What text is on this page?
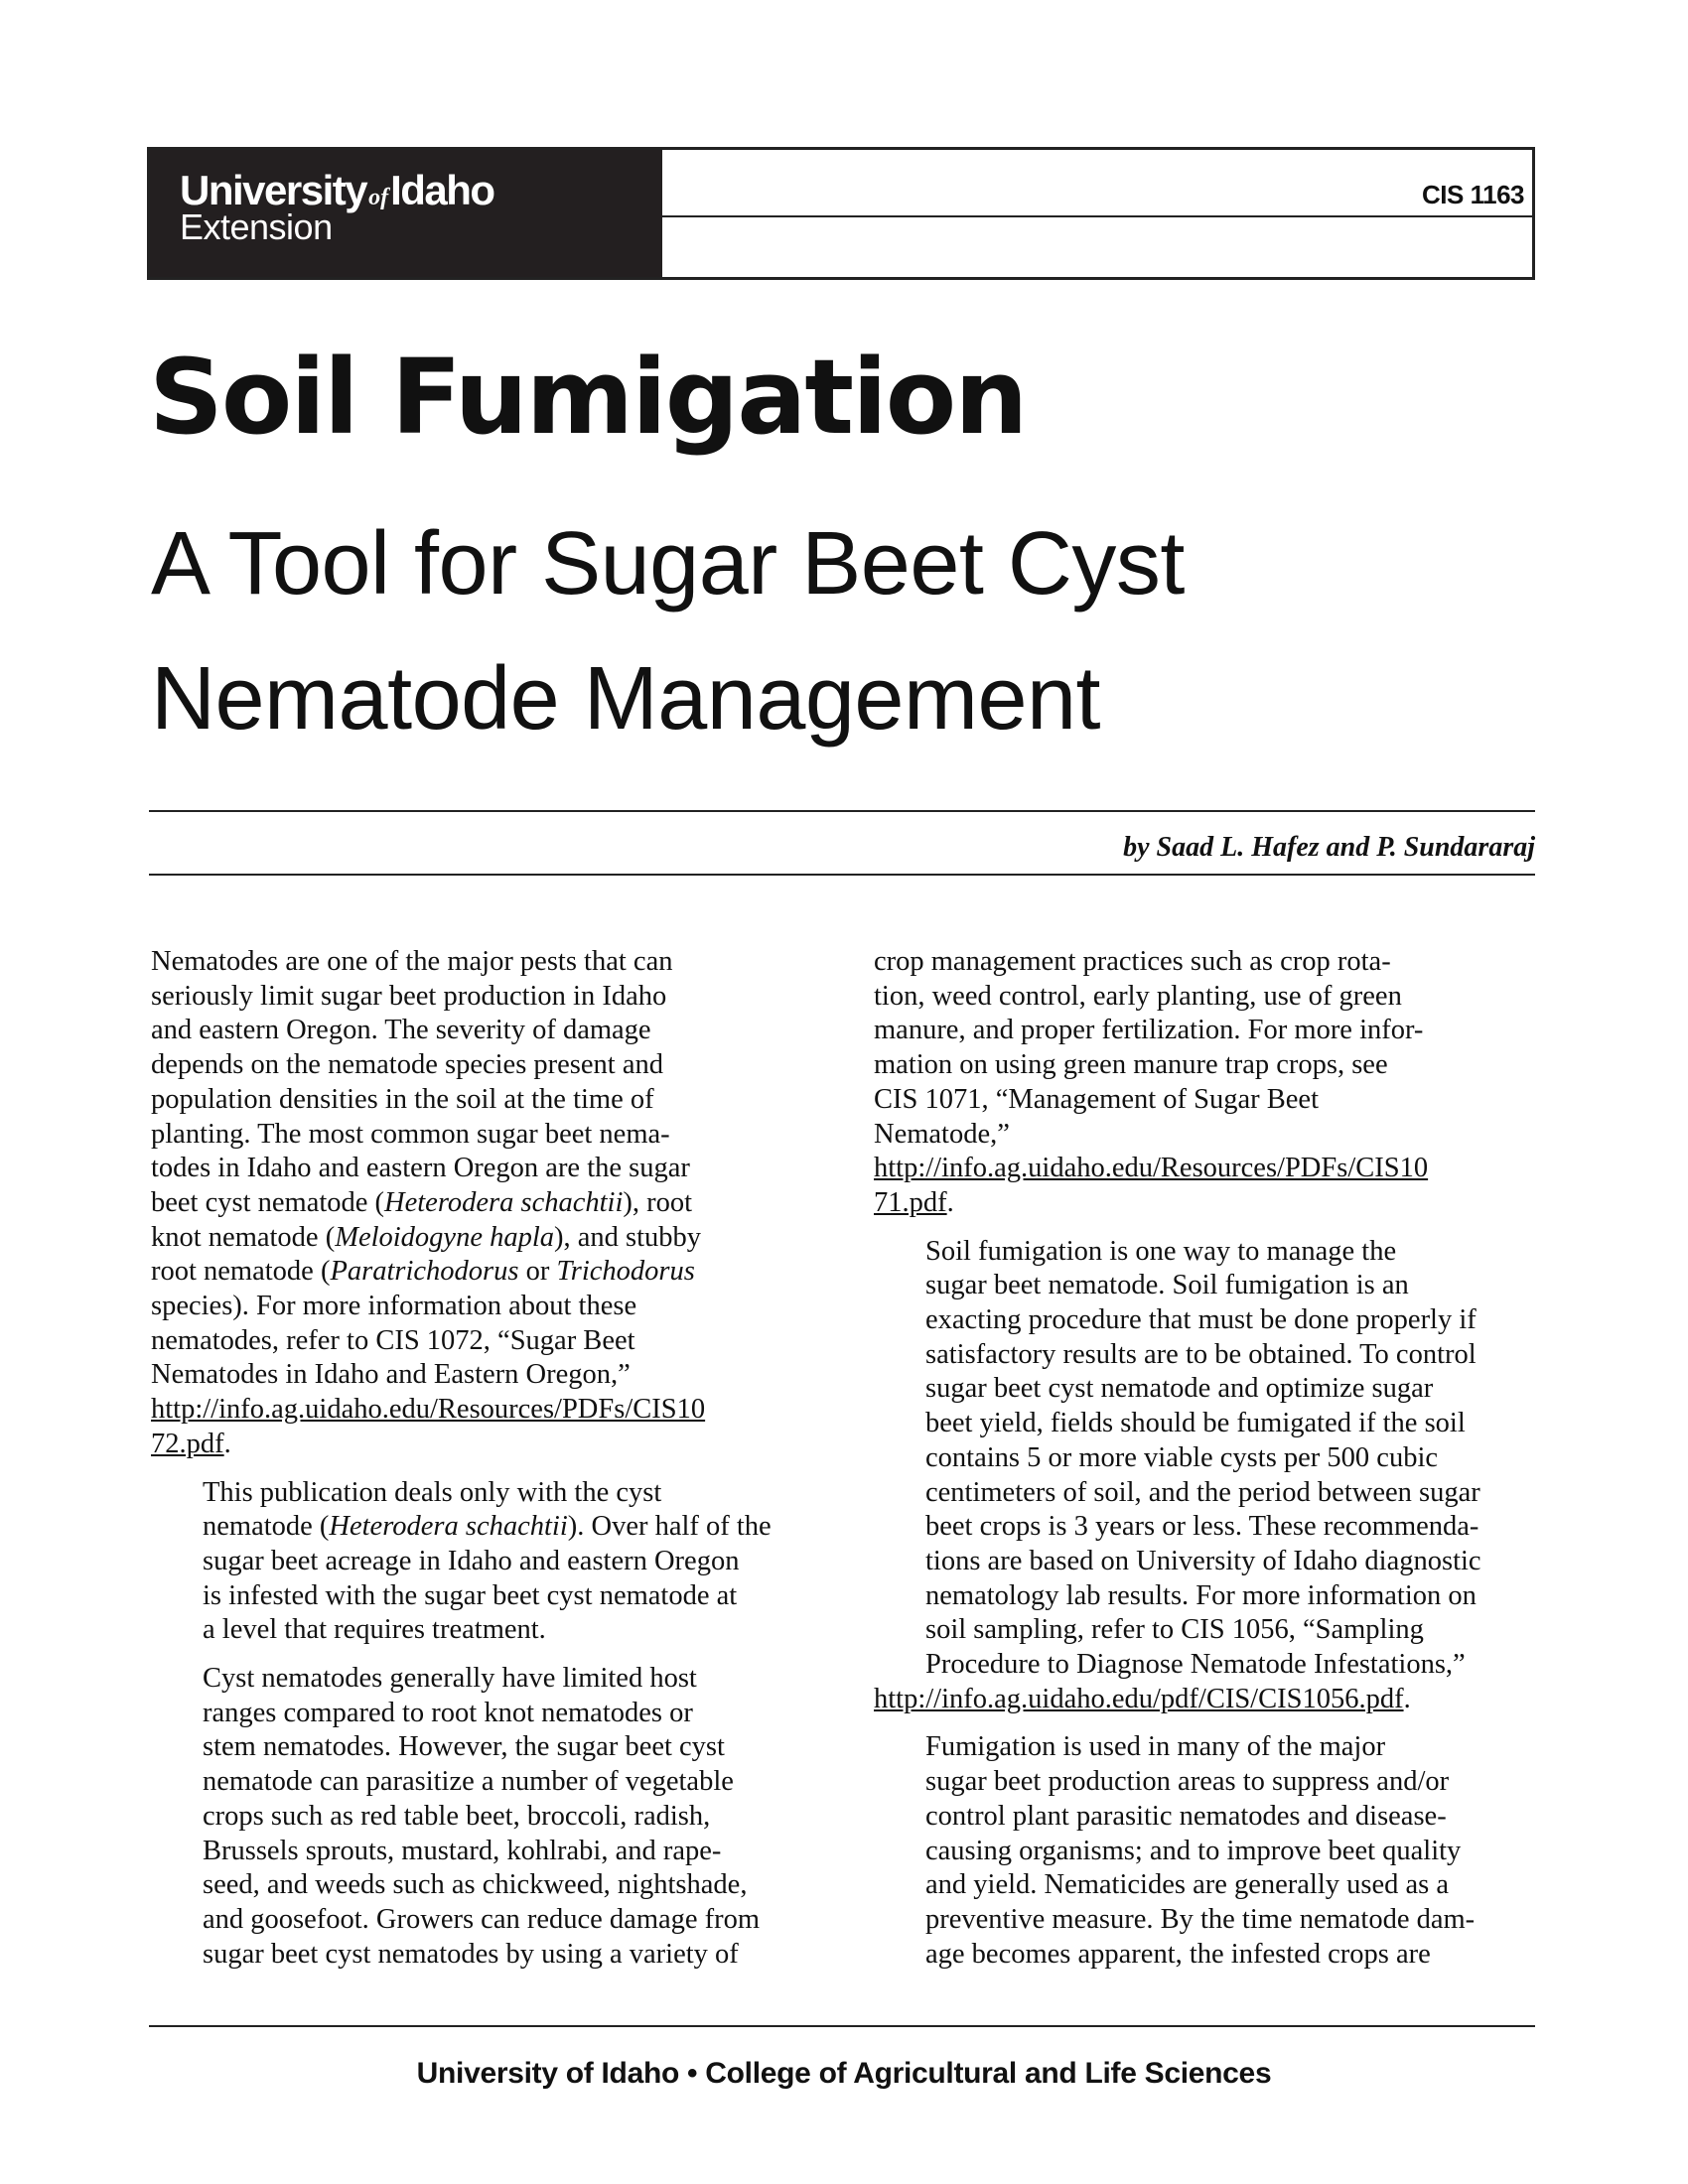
UniversityofIdaho
Extension
CIS 1163
Soil Fumigation
A Tool for Sugar Beet Cyst
Nematode Management
by Saad L. Hafez and P. Sundararaj

Nematodes are one of the major pests that can
seriously limit sugar beet production in Idaho
and eastern Oregon. The severity of damage
depends on the nematode species present and
population densities in the soil at the time of
planting. The most common sugar beet nema-
todes in Idaho and eastern Oregon are the sugar
beet cyst nematode (Heterodera schachtii), root
knot nematode (Meloidogyne hapla), and stubby
root nematode (Paratrichodorus or Trichodorus
species). For more information about these
nematodes, refer to CIS 1072, “Sugar Beet
Nematodes in Idaho and Eastern Oregon,”
http://info.ag.uidaho.edu/Resources/PDFs/CIS10
72.pdf.

This publication deals only with the cyst
nematode (Heterodera schachtii). Over half of the
sugar beet acreage in Idaho and eastern Oregon
is infested with the sugar beet cyst nematode at
a level that requires treatment.

Cyst nematodes generally have limited host
ranges compared to root knot nematodes or
stem nematodes. However, the sugar beet cyst
nematode can parasitize a number of vegetable
crops such as red table beet, broccoli, radish,
Brussels sprouts, mustard, kohlrabi, and rape-
seed, and weeds such as chickweed, nightshade,
and goosefoot. Growers can reduce damage from
sugar beet cyst nematodes by using a variety of

crop management practices such as crop rota-
tion, weed control, early planting, use of green
manure, and proper fertilization. For more infor-
mation on using green manure trap crops, see
CIS 1071, “Management of Sugar Beet
Nematode,”
http://info.ag.uidaho.edu/Resources/PDFs/CIS10
71.pdf.

Soil fumigation is one way to manage the
sugar beet nematode. Soil fumigation is an
exacting procedure that must be done properly if
satisfactory results are to be obtained. To control
sugar beet cyst nematode and optimize sugar
beet yield, fields should be fumigated if the soil
contains 5 or more viable cysts per 500 cubic
centimeters of soil, and the period between sugar
beet crops is 3 years or less. These recommenda-
tions are based on University of Idaho diagnostic
nematology lab results. For more information on
soil sampling, refer to CIS 1056, “Sampling
Procedure to Diagnose Nematode Infestations,”
http://info.ag.uidaho.edu/pdf/CIS/CIS1056.pdf.

Fumigation is used in many of the major
sugar beet production areas to suppress and/or
control plant parasitic nematodes and disease-
causing organisms; and to improve beet quality
and yield. Nematicides are generally used as a
preventive measure. By the time nematode dam-
age becomes apparent, the infested crops are

University of Idaho • College of Agricultural and Life Sciences
